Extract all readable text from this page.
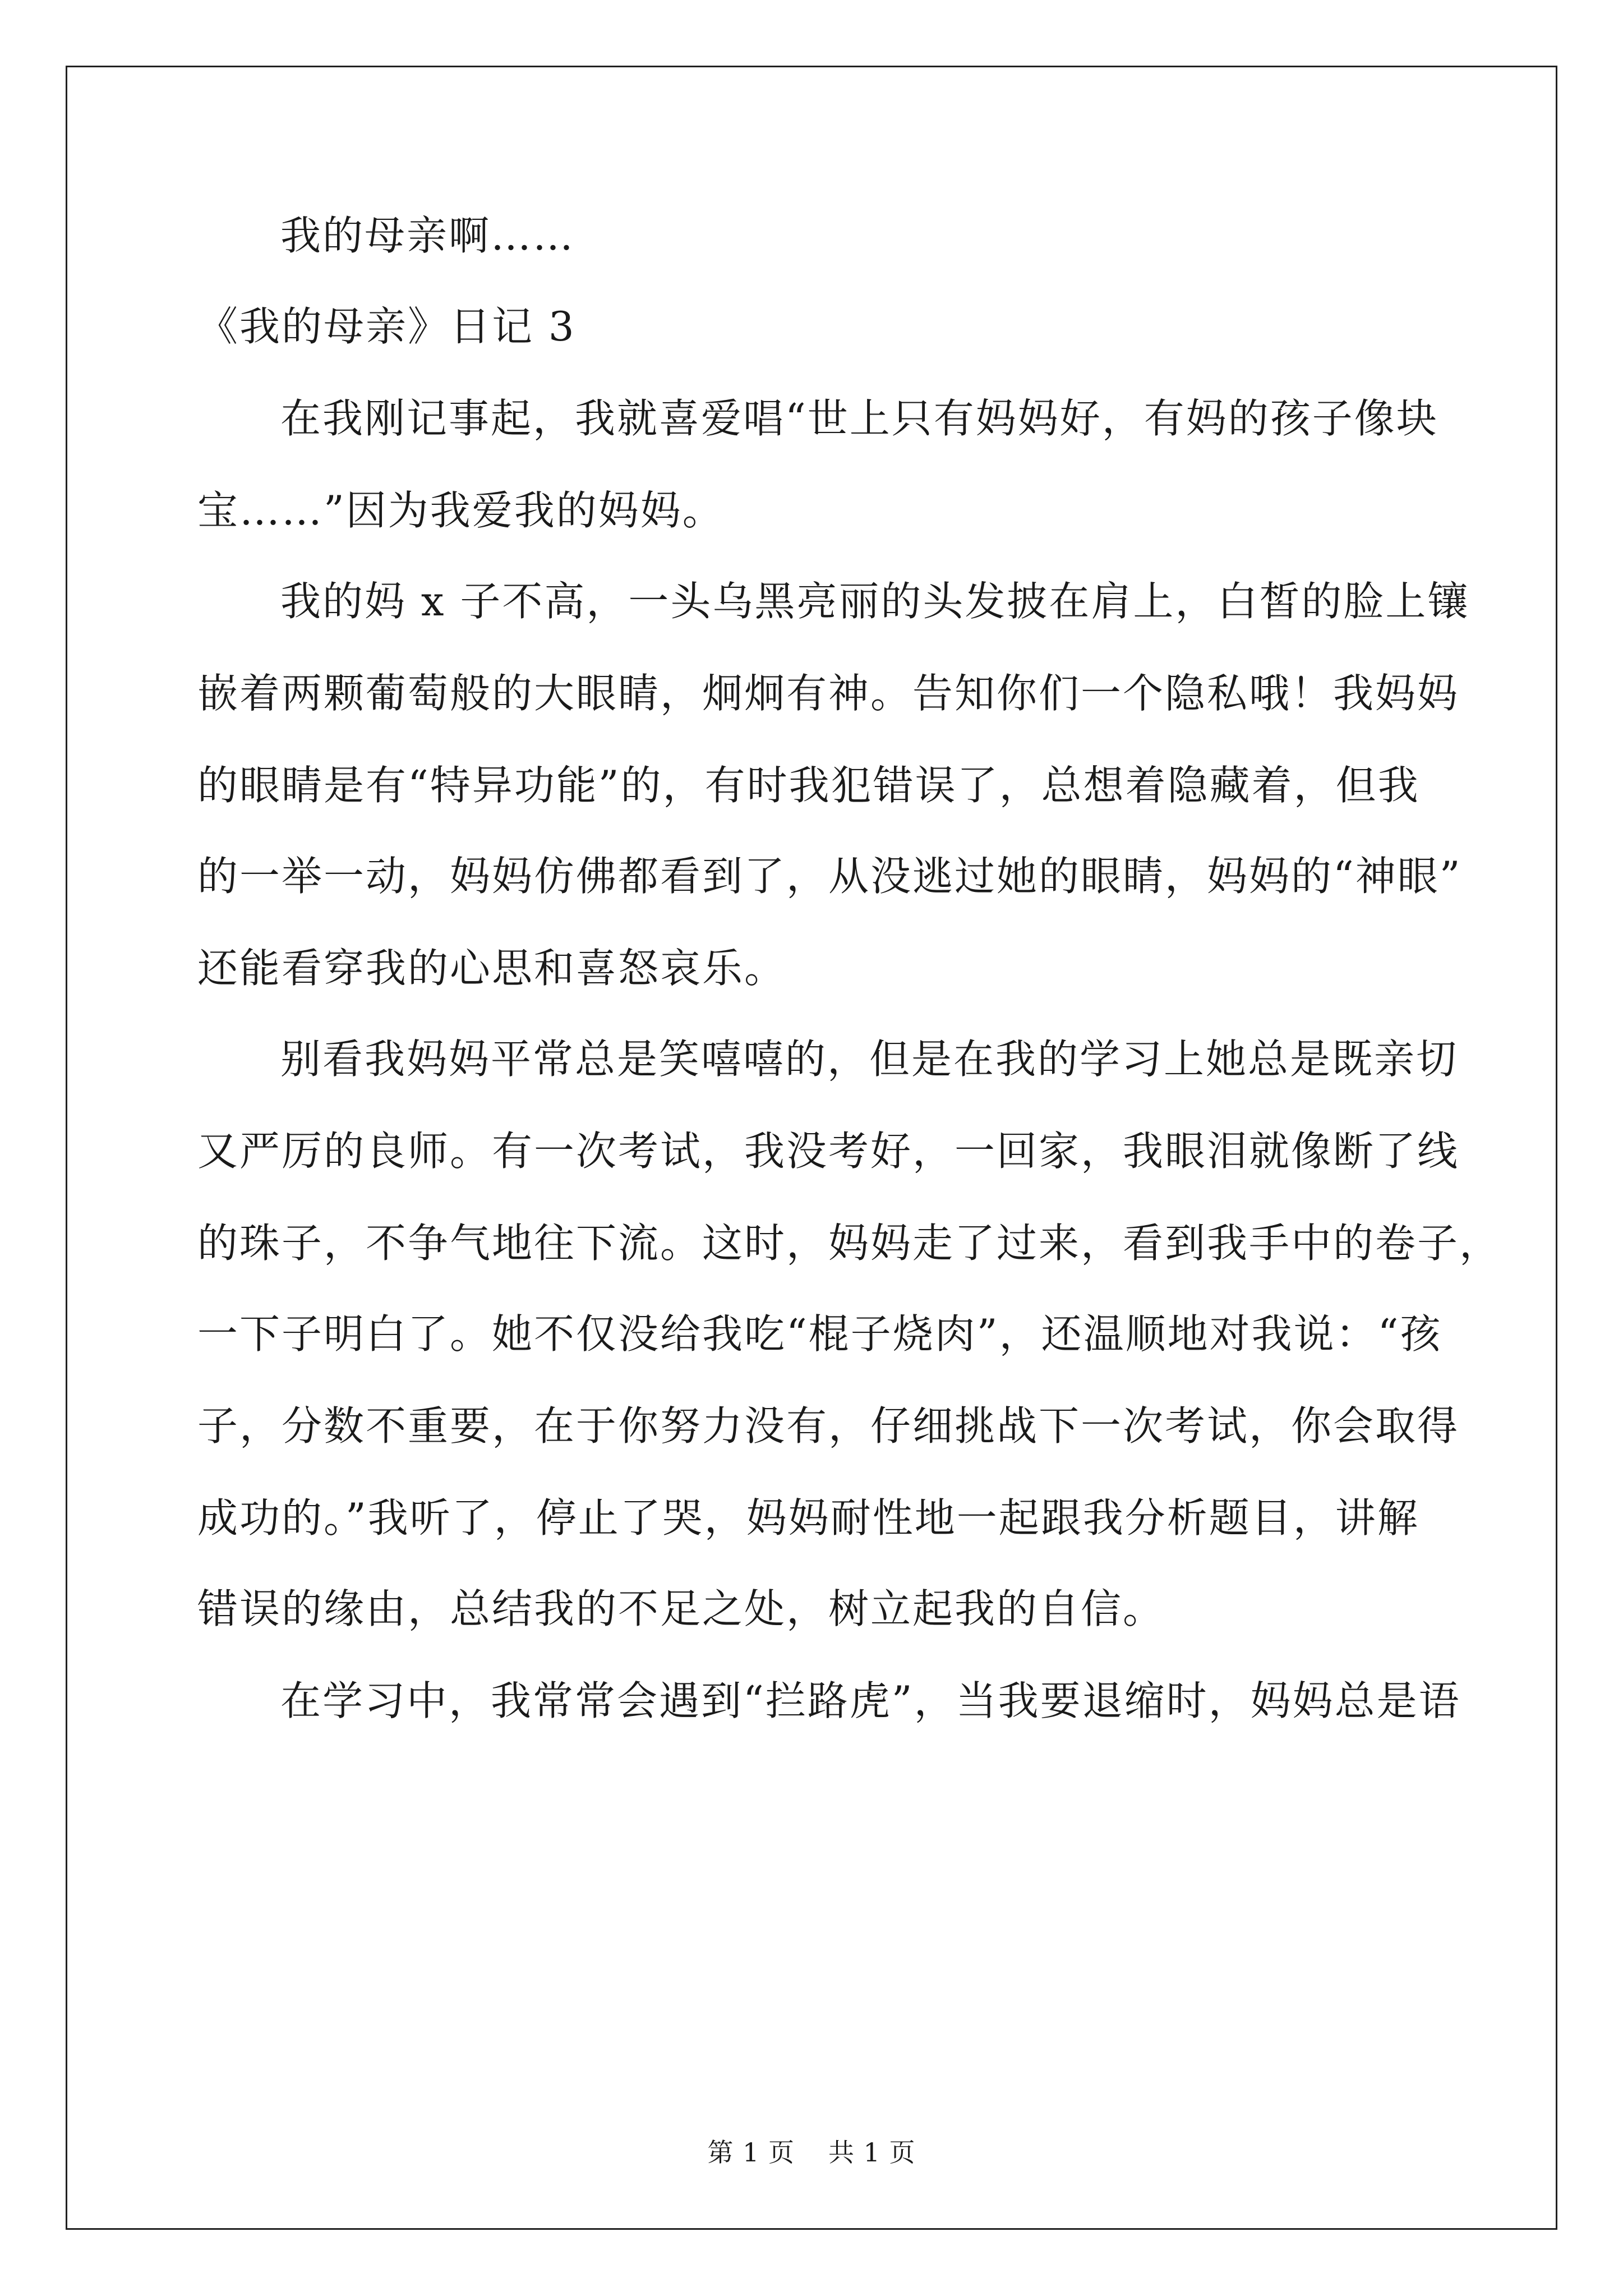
我的母亲啊……
《我的母亲》日记 3
在我刚记事起，我就喜爱唱“世上只有妈妈好，有妈的孩子像块
宝……”因为我爱我的妈妈。
我的妈 x 子不高，一头乌黑亮丽的头发披在肩上，白皙的脸上镶
嵌着两颗葡萄般的大眼睛，炯炯有神。告知你们一个隐私哦！我妈妈
的眼睛是有“特异功能”的，有时我犯错误了，总想着隐藏着，但我
的一举一动，妈妈仿佛都看到了，从没逃过她的眼睛，妈妈的“神眼”
还能看穿我的心思和喜怒哀乐。
别看我妈妈平常总是笑嘻嘻的，但是在我的学习上她总是既亲切
又严厉的良师。有一次考试，我没考好，一回家，我眼泪就像断了线
的珠子，不争气地往下流。这时，妈妈走了过来，看到我手中的卷子，
一下子明白了。她不仅没给我吃“棍子烧肉”，还温顺地对我说：“孩
子，分数不重要，在于你努力没有，仔细挑战下一次考试，你会取得
成功的。”我听了，停止了哭，妈妈耐性地一起跟我分析题目，讲解
错误的缘由，总结我的不足之处，树立起我的自信。
在学习中，我常常会遇到“拦路虎”，当我要退缩时，妈妈总是语
第 1 页 共 1 页
